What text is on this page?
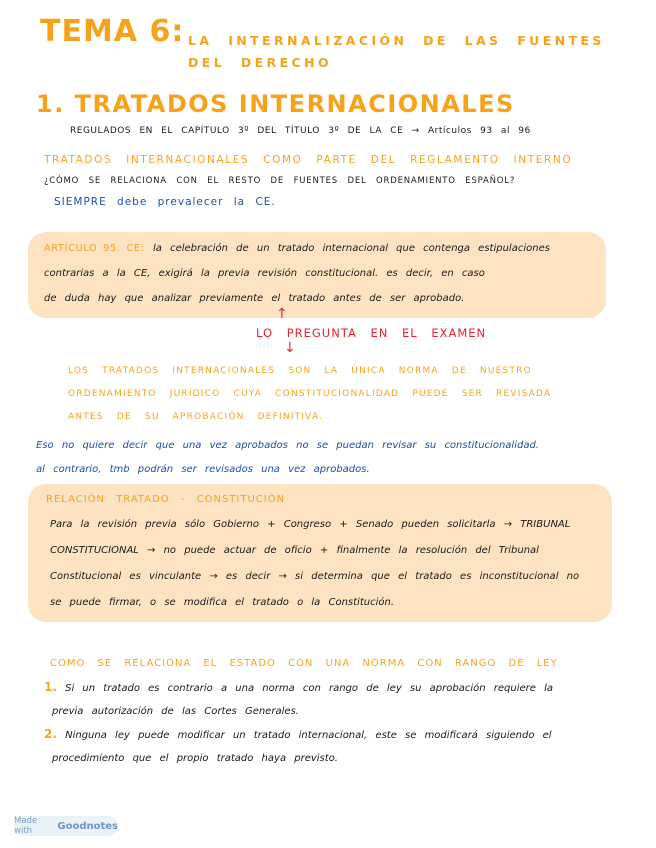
TEMA 6: LA INTERNALIZACIÓN DE LAS FUENTES DEL DERECHO
1. TRATADOS INTERNACIONALES
REGULADOS EN EL CAPÍTULO 3º DEL TÍTULO 3º DE LA CE → Artículos 93 al 96
TRATADOS INTERNACIONALES COMO PARTE DEL REGLAMENTO INTERNO
¿CÓMO SE RELACIONA CON EL RESTO DE FUENTES DEL ORDENAMIENTO ESPAÑOL?
SIEMPRE debe prevalecer la CE.
ARTÍCULO 95. CE: la celebración de un tratado internacional que contenga estipulaciones
contrarias a la CE, exigirá la previa revisión constitucional. es decir, en caso
de duda hay que analizar previamente el tratado antes de ser aprobado.
↑
LO PREGUNTA EN EL EXAMEN
↓
LOS TRATADOS INTERNACIONALES SON LA ÚNICA NORMA DE NUESTRO
ORDENAMIENTO JURÍDICO CUYA CONSTITUCIONALIDAD PUEDE SER REVISADA
ANTES DE SU APROBACIÓN DEFINITIVA.
Eso no quiere decir que una vez aprobados no se puedan revisar su constitucionalidad.
al contrario, tmb podrán ser revisados una vez aprobados.
RELACIÓN TRATADO - CONSTITUCIÓN
Para la revisión previa sólo Gobierno + Congreso + Senado pueden solicitarla → TRIBUNAL
CONSTITUCIONAL → no puede actuar de oficio + finalmente la resolución del Tribunal
Constitucional es vinculante → es decir → si determina que el tratado es inconstitucional no
se puede firmar, o se modifica el tratado o la Constitución.
COMO SE RELACIONA EL ESTADO CON UNA NORMA CON RANGO DE LEY
1. Si un tratado es contrario a una norma con rango de ley su aprobación requiere la
previa autorización de las Cortes Generales.
2. Ninguna ley puede modificar un tratado internacional, este se modificará siguiendo el
procedimiento que el propio tratado haya previsto.
Made with	Goodnotes
